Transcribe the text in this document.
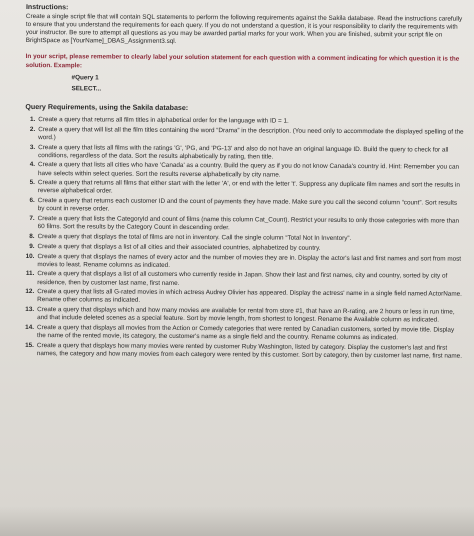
Instructions:

Create a single script file that will contain SQL statements to perform the following requirements against the Sakila database. Read the instructions carefully to ensure that you understand the requirements for each query. If you do not understand a question, it is your responsibility to clarify the requirements with your instructor. Be sure to attempt all questions as you may be awarded partial marks for your work. When you are finished, submit your script file on BrightSpace as [YourName]_DBAS_Assignment3.sql.

In your script, please remember to clearly label your solution statement for each question with a comment indicating for which question it is the solution. Example:

#Query 1
SELECT...
Query Requirements, using the Sakila database:
1. Create a query that returns all film titles in alphabetical order for the language with ID = 1.
2. Create a query that will list all the film titles containing the word “Drama” in the description. (You need only to accommodate the displayed spelling of the word.)
3. Create a query that lists all films with the ratings 'G', 'PG, and 'PG-13' and also do not have an original language ID. Build the query to check for all conditions, regardless of the data. Sort the results alphabetically by rating, then title.
4. Create a query that lists all cities who have 'Canada' as a country. Build the query as if you do not know Canada's country id. Hint: Remember you can have selects within select queries. Sort the results reverse alphabetically by city name.
5. Create a query that returns all films that either start with the letter 'A', or end with the letter 't'. Suppress any duplicate film names and sort the results in reverse alphabetical order.
6. Create a query that returns each customer ID and the count of payments they have made. Make sure you call the second column “count”. Sort results by count in reverse order.
7. Create a query that lists the CategoryId and count of films (name this column Cat_Count). Restrict your results to only those categories with more than 60 films. Sort the results by the Category Count in descending order.
8. Create a query that displays the total of films are not in inventory. Call the single column “Total Not In Inventory”.
9. Create a query that displays a list of all cities and their associated countries, alphabetized by country.
10. Create a query that displays the names of every actor and the number of movies they are in. Display the actor's last and first names and sort from most movies to least. Rename columns as indicated.
11. Create a query that displays a list of all customers who currently reside in Japan. Show their last and first names, city and country, sorted by city of residence, then by customer last name, first name.
12. Create a query that lists all G-rated movies in which actress Audrey Olivier has appeared. Display the actress' name in a single field named ActorName. Rename other columns as indicated.
13. Create a query that displays which and how many movies are available for rental from store #1, that have an R-rating, are 2 hours or less in run time, and that include deleted scenes as a special feature. Sort by movie length, from shortest to longest. Rename the Available column as indicated.
14. Create a query that displays all movies from the Action or Comedy categories that were rented by Canadian customers, sorted by movie title. Display the name of the rented movie, its category, the customer's name as a single field and the country. Rename columns as indicated.
15. Create a query that displays how many movies were rented by customer Ruby Washington, listed by category. Display the customer's last and first names, the category and how many movies from each category were rented by this customer. Sort by category, then by customer last name, first name.
